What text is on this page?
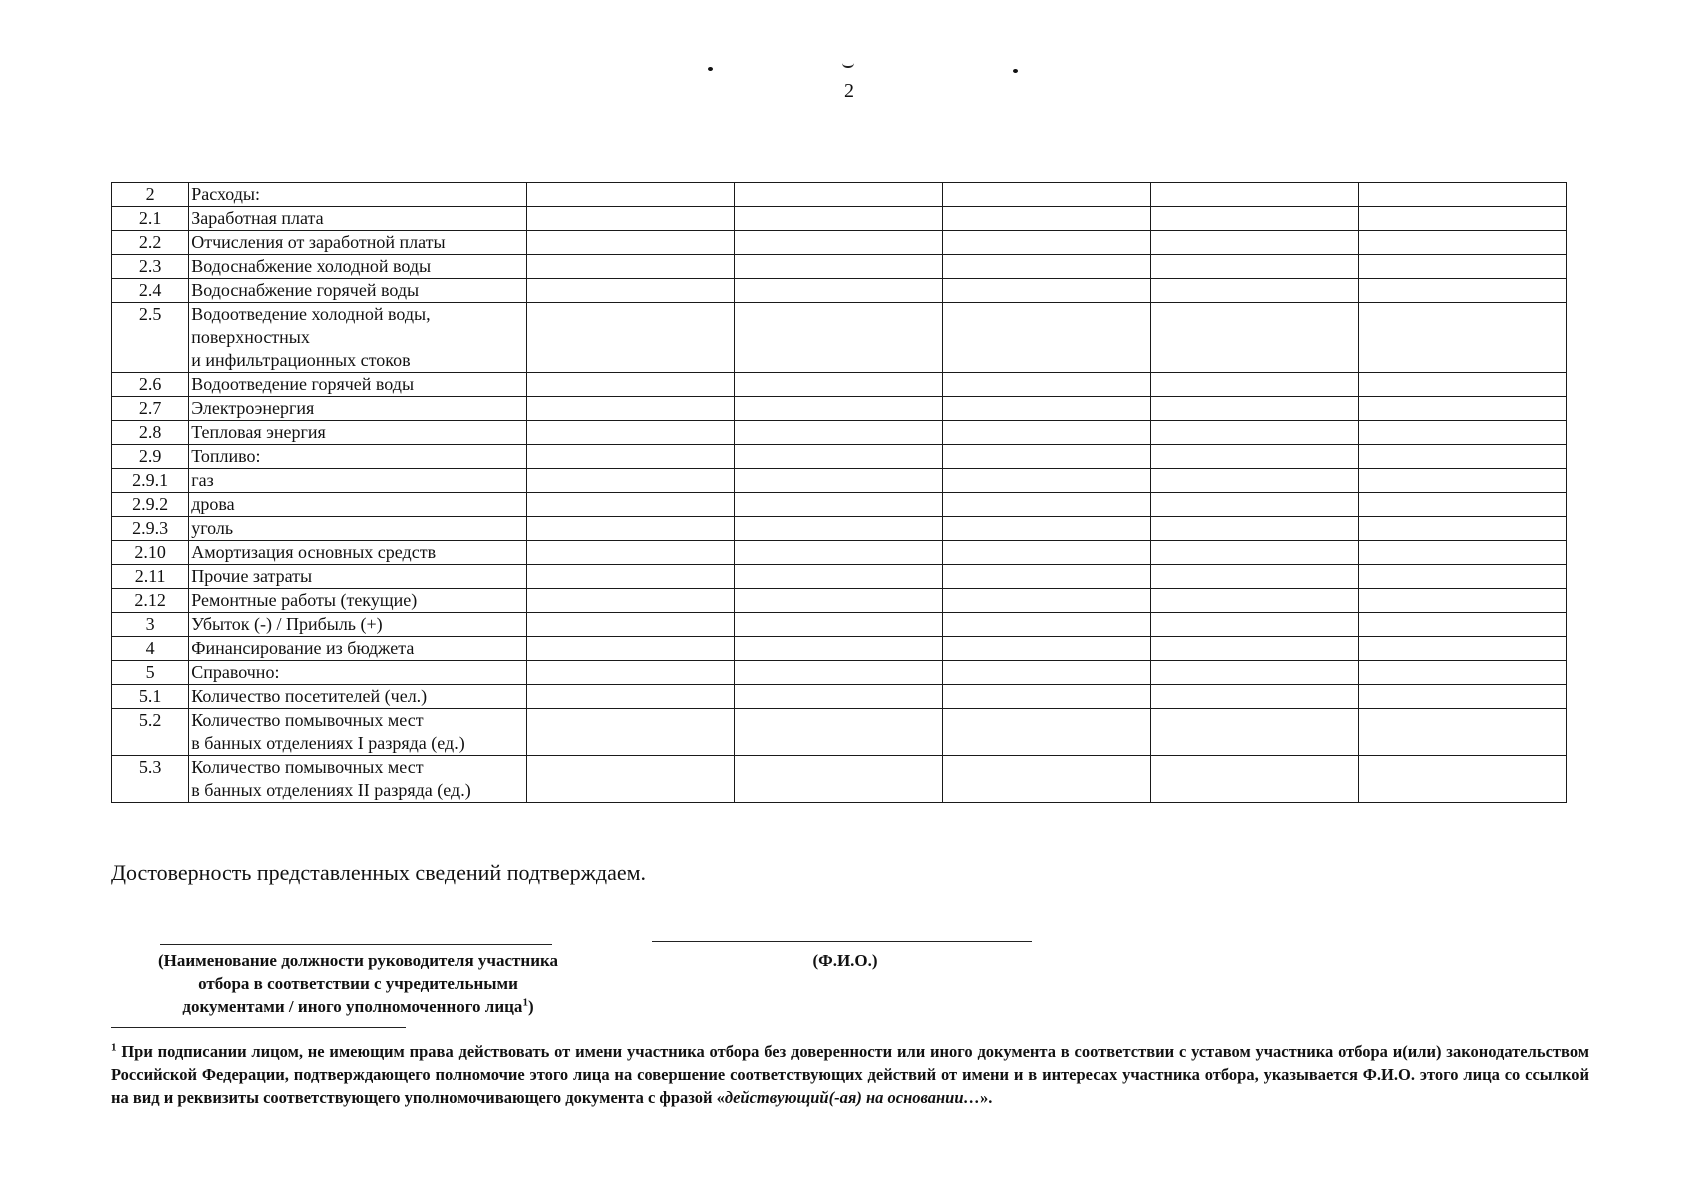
2
2	Расходы:					
2.1	Заработная плата					
2.2	Отчисления от заработной платы					
2.3	Водоснабжение холодной воды					
2.4	Водоснабжение горячей воды					
2.5	Водоотведение холодной воды,
поверхностных
и инфильтрационных стоков					
2.6	Водоотведение горячей воды					
2.7	Электроэнергия					
2.8	Тепловая энергия					
2.9	Топливо:					
2.9.1	газ					
2.9.2	дрова					
2.9.3	уголь					
2.10	Амортизация основных средств					
2.11	Прочие затраты					
2.12	Ремонтные работы (текущие)					
3	Убыток (-) / Прибыль (+)					
4	Финансирование из бюджета					
5	Справочно:					
5.1	Количество посетителей (чел.)					
5.2	Количество помывочных мест
в банных отделениях I разряда (ед.)					
5.3	Количество помывочных мест
в банных отделениях II разряда (ед.)					
Достоверность представленных сведений подтверждаем.
(Наименование должности руководителя участника
отбора в соответствии с учредительными
документами / иного уполномоченного лица$^1$)
(Ф.И.О.)
$^1$ При подписании лицом, не имеющим права действовать от имени участника отбора без доверенности или иного документа в соответствии с уставом участника отбора и(или) законодательством Российской Федерации, подтверждающего полномочие этого лица на совершение соответствующих действий от имени и в интересах участника отбора, указывается Ф.И.О. этого лица со ссылкой на вид и реквизиты соответствующего уполномочивающего документа с фразой «действующий(-ая) на основании…».
